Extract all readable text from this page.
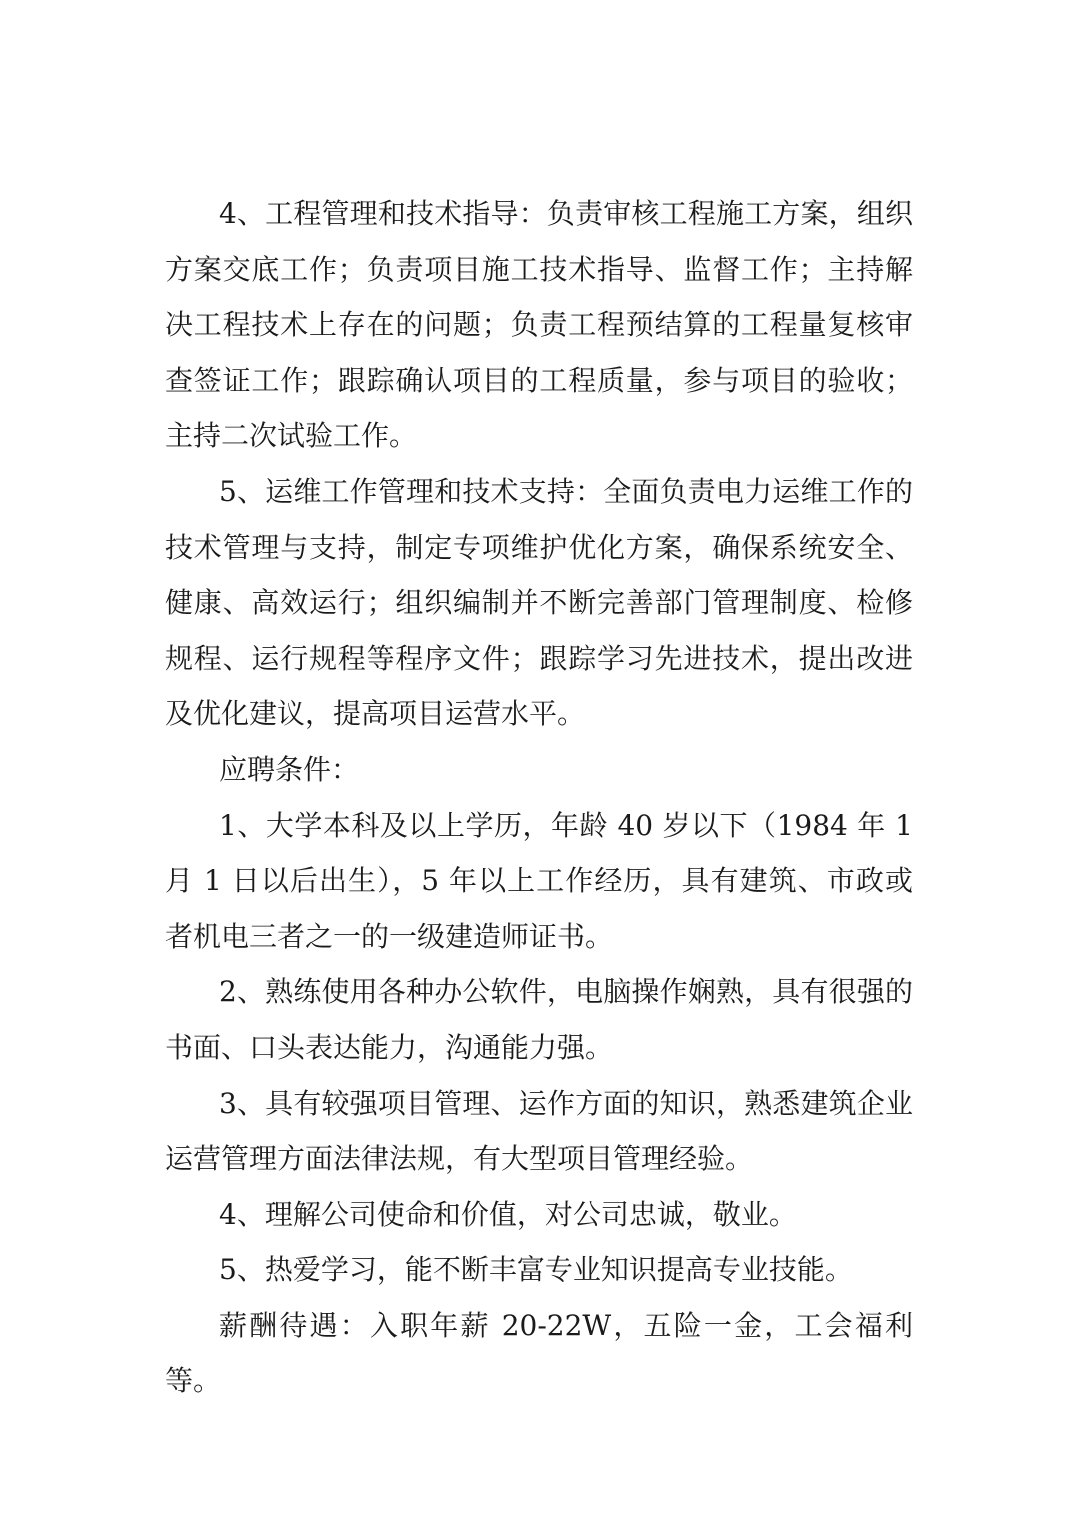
4、工程管理和技术指导：负责审核工程施工方案，组织方案交底工作；负责项目施工技术指导、监督工作；主持解决工程技术上存在的问题；负责工程预结算的工程量复核审查签证工作；跟踪确认项目的工程质量，参与项目的验收；主持二次试验工作。

5、运维工作管理和技术支持：全面负责电力运维工作的技术管理与支持，制定专项维护优化方案，确保系统安全、健康、高效运行；组织编制并不断完善部门管理制度、检修规程、运行规程等程序文件；跟踪学习先进技术，提出改进及优化建议，提高项目运营水平。

应聘条件：

1、大学本科及以上学历，年龄 40 岁以下（1984 年 1 月 1 日以后出生），5 年以上工作经历，具有建筑、市政或者机电三者之一的一级建造师证书。

2、熟练使用各种办公软件，电脑操作娴熟，具有很强的书面、口头表达能力，沟通能力强。

3、具有较强项目管理、运作方面的知识，熟悉建筑企业运营管理方面法律法规，有大型项目管理经验。

4、理解公司使命和价值，对公司忠诚，敬业。

5、热爱学习，能不断丰富专业知识提高专业技能。

薪酬待遇：入职年薪 20-22W，五险一金，工会福利等。
